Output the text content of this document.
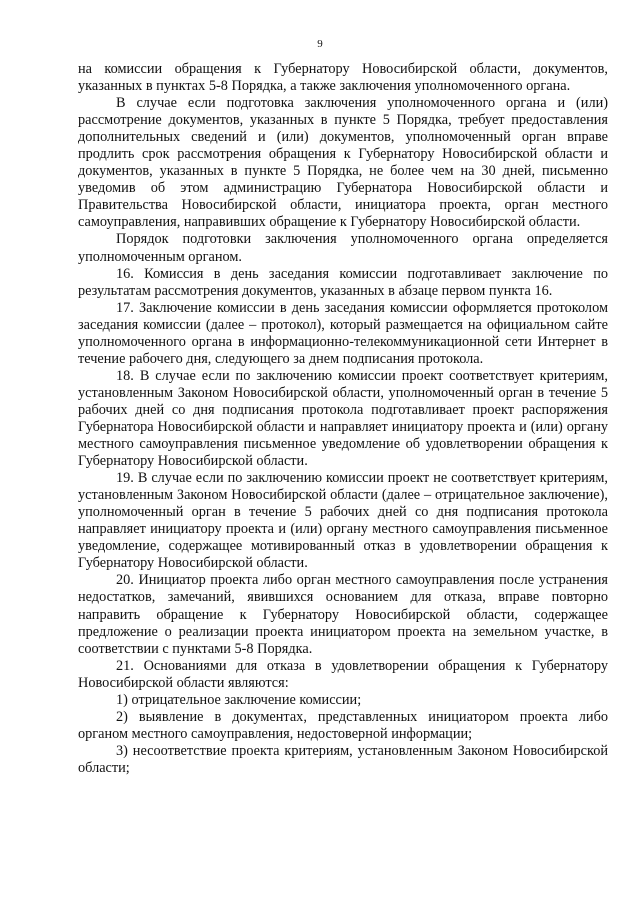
9

на комиссии обращения к Губернатору Новосибирской области, документов, указанных в пунктах 5-8 Порядка, а также заключения уполномоченного органа.

В случае если подготовка заключения уполномоченного органа и (или) рассмотрение документов, указанных в пункте 5 Порядка, требует предоставления дополнительных сведений и (или) документов, уполномоченный орган вправе продлить срок рассмотрения обращения к Губернатору Новосибирской области и документов, указанных в пункте 5 Порядка, не более чем на 30 дней, письменно уведомив об этом администрацию Губернатора Новосибирской области и Правительства Новосибирской области, инициатора проекта, орган местного самоуправления, направивших обращение к Губернатору Новосибирской области.

Порядок подготовки заключения уполномоченного органа определяется уполномоченным органом.

16. Комиссия в день заседания комиссии подготавливает заключение по результатам рассмотрения документов, указанных в абзаце первом пункта 16.

17. Заключение комиссии в день заседания комиссии оформляется протоколом заседания комиссии (далее – протокол), который размещается на официальном сайте уполномоченного органа в информационно-телекоммуникационной сети Интернет в течение рабочего дня, следующего за днем подписания протокола.

18. В случае если по заключению комиссии проект соответствует критериям, установленным Законом Новосибирской области, уполномоченный орган в течение 5 рабочих дней со дня подписания протокола подготавливает проект распоряжения Губернатора Новосибирской области и направляет инициатору проекта и (или) органу местного самоуправления письменное уведомление об удовлетворении обращения к Губернатору Новосибирской области.

19. В случае если по заключению комиссии проект не соответствует критериям, установленным Законом Новосибирской области (далее – отрицательное заключение), уполномоченный орган в течение 5 рабочих дней со дня подписания протокола направляет инициатору проекта и (или) органу местного самоуправления письменное уведомление, содержащее мотивированный отказ в удовлетворении обращения к Губернатору Новосибирской области.

20. Инициатор проекта либо орган местного самоуправления после устранения недостатков, замечаний, явившихся основанием для отказа, вправе повторно направить обращение к Губернатору Новосибирской области, содержащее предложение о реализации проекта инициатором проекта на земельном участке, в соответствии с пунктами 5-8 Порядка.

21. Основаниями для отказа в удовлетворении обращения к Губернатору Новосибирской области являются:

1) отрицательное заключение комиссии;

2) выявление в документах, представленных инициатором проекта либо органом местного самоуправления, недостоверной информации;

3) несоответствие проекта критериям, установленным Законом Новосибирской области;
